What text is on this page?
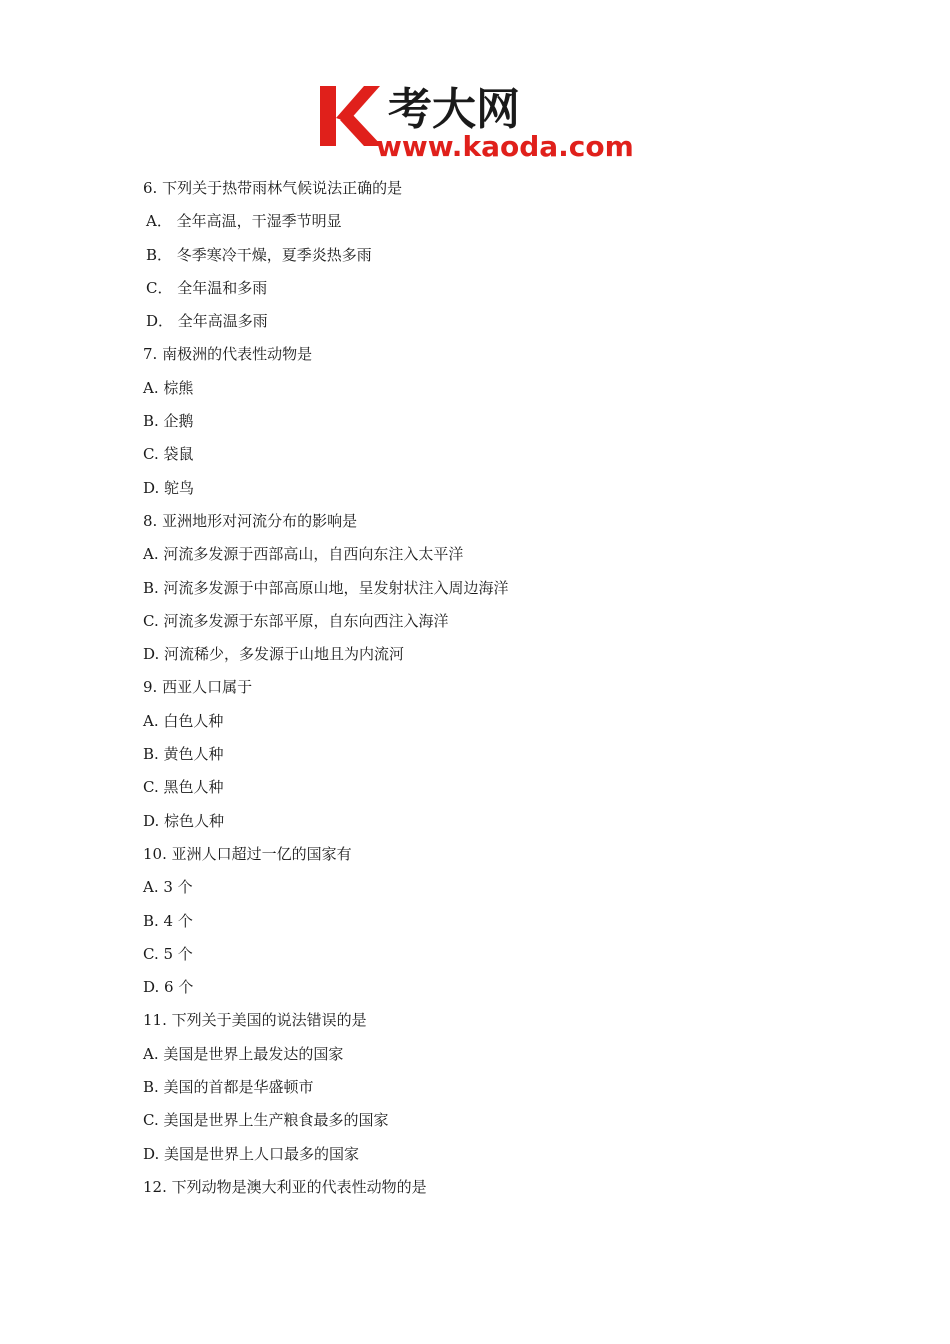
考大网
www.kaoda.com
6. 下列关于热带雨林气候说法正确的是
A． 全年高温，干湿季节明显
B． 冬季寒冷干燥，夏季炎热多雨
C． 全年温和多雨
D． 全年高温多雨
7. 南极洲的代表性动物是
A. 棕熊
B. 企鹅
C. 袋鼠
D. 鸵鸟
8. 亚洲地形对河流分布的影响是
A. 河流多发源于西部高山，自西向东注入太平洋
B. 河流多发源于中部高原山地，呈发射状注入周边海洋
C. 河流多发源于东部平原，自东向西注入海洋
D. 河流稀少，多发源于山地且为内流河
9. 西亚人口属于
A. 白色人种
B. 黄色人种
C. 黑色人种
D. 棕色人种
10. 亚洲人口超过一亿的国家有
A. 3 个
B. 4 个
C. 5 个
D. 6 个
11. 下列关于美国的说法错误的是
A. 美国是世界上最发达的国家
B. 美国的首都是华盛顿市
C. 美国是世界上生产粮食最多的国家
D. 美国是世界上人口最多的国家
12. 下列动物是澳大利亚的代表性动物的是
